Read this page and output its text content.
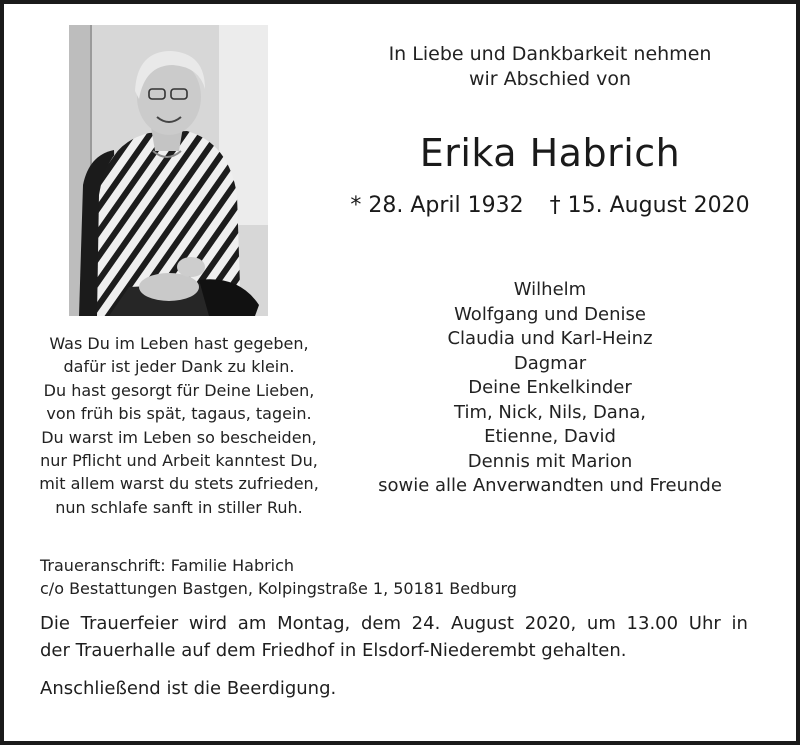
In Liebe und Dankbarkeit nehmen
wir Abschied von
Erika Habrich
* 28. April 1932 † 15. August 2020
Wilhelm
Wolfgang und Denise
Claudia und Karl-Heinz
Dagmar
Deine Enkelkinder
Tim, Nick, Nils, Dana,
Etienne, David
Dennis mit Marion
sowie alle Anverwandten und Freunde
Was Du im Leben hast gegeben,
dafür ist jeder Dank zu klein.
Du hast gesorgt für Deine Lieben,
von früh bis spät, tagaus, tagein.
Du warst im Leben so bescheiden,
nur Pflicht und Arbeit kanntest Du,
mit allem warst du stets zufrieden,
nun schlafe sanft in stiller Ruh.
Traueranschrift: Familie Habrich
c/o Bestattungen Bastgen, Kolpingstraße 1, 50181 Bedburg
Die Trauerfeier wird am Montag, dem 24. August 2020, um 13.00 Uhr in
der Trauerhalle auf dem Friedhof in Elsdorf-Niederembt gehalten.
Anschließend ist die Beerdigung.
